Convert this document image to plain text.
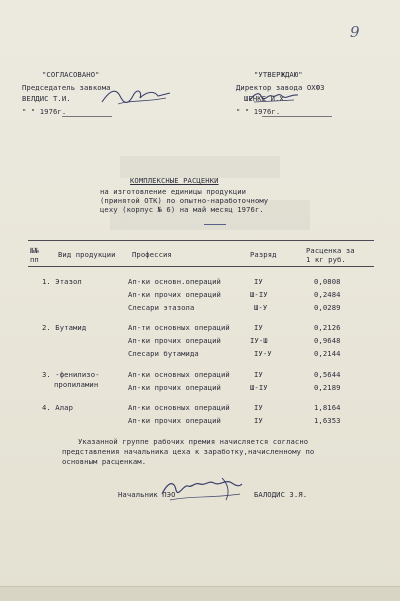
9
"СОГЛАСОВАНО"
Председатель завкома
ВЕЛДИС Т.И.
" " 1976г.
"УТВЕРЖДАЮ"
Директор завода ОХФЗ
ШЕНКЕ И.Х.
" " 1976г.
КОМПЛЕКСНЫЕ РАСЦЕНКИ
на изготовление единицы продукции
(принятой ОТК) по опытно-наработочному
цеху (корпус № 6) на май месяц 1976г.
№№
пп
Вид продукции Профессия	Разряд	Расценка за
1 кг руб.
1. Этазол	Ап-ки основн.операций	IУ	0,0808
Ап-ки прочих операций	Ш-IУ	0,2484
Слесари этазола	Ш-У	0,0289
2. Бутамид	Ап-ти основных операций	IУ	0,2126
Ап-ки прочих операций	IУ-Ш	0,9648
Слесари бутамида	IУ-У	0,2144
3. -фенилизо-
пропиламин
Ап-ки основных операций	IУ	0,5644
Ап-ки прочих операций	Ш-IУ	0,2189
4. Алар	Ап-ки основных операций	IУ	1,8164
Ап-ки прочих операций	IУ	1,6353
Указанной группе рабочих премия начисляется согласно
представления начальника цеха к заработку,начисленному по
основным расценкам.
Начальник ПЭО	БАЛОДИС З.Я.
